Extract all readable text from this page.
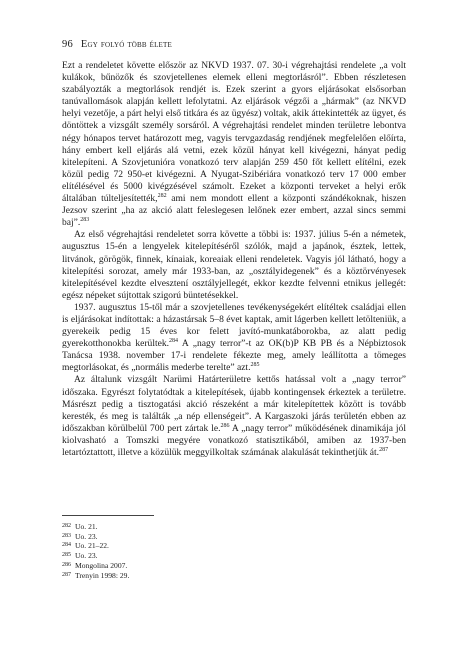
96 Egy folyó több élete

Ezt a rendeletet követte először az NKVD 1937. 07. 30-i végrehajtási rendelete „a volt kulákok, bűnözők és szovjetellenes elemek elleni megtorlásról”. Ebben részletesen szabályozták a megtorlások rendjét is. Ezek szerint a gyors eljárásokat elsősorban tanúvallomások alapján kellett lefolytatni. Az eljárások végzői a „hármak” (az NKVD helyi vezetője, a párt helyi első titkára és az ügyész) voltak, akik áttekintették az ügyet, és döntöttek a vizsgált személy sorsáról. A végrehajtási rendelet minden területre lebontva négy hónapos tervet határozott meg, vagyis tervgazdaság rendjének megfelelően előírta, hány embert kell eljárás alá vetni, ezek közül hányat kell kivégezni, hányat pedig kitelepíteni. A Szovjetunióra vonatkozó terv alapján 259 450 főt kellett elítélni, ezek közül pedig 72 950-et kivégezni. A Nyugat-Szibériára vonatkozó terv 17 000 ember elítélésével és 5000 kivégzésével számolt. Ezeket a központi terveket a helyi erők általában túlteljesítették,$^{282}$ ami nem mondott ellent a központi szándékoknak, hiszen Jezsov szerint „ha az akció alatt feleslegesen lelőnek ezer embert, azzal sincs semmi baj”.$^{283}$

Az első végrehajtási rendeletet sorra követte a többi is: 1937. július 5-én a németek, augusztus 15-én a lengyelek kitelepítéséről szólók, majd a japánok, észtek, lettek, litvánok, görögök, finnek, kínaiak, koreaiak elleni rendeletek. Vagyis jól látható, hogy a kitelepítési sorozat, amely már 1933-ban, az „osztályidegenek” és a köztörvényesek kitelepítésével kezdte elvesztení osztályjellegét, ekkor kezdte felvenni etnikus jellegét: egész népeket sújtottak szigorú büntetésekkel.

1937. augusztus 15-től már a szovjetellenes tevékenységekért elítéltek családjai ellen is eljárásokat indítottak: a házastársak 5–8 évet kaptak, amit lágerben kellett letölteniük, a gyerekeik pedig 15 éves kor felett javító-munkatáborokba, az alatt pedig gyerekotthonokba kerültek.$^{284}$ A „nagy terror”-t az OK(b)P KB PB és a Népbiztosok Tanácsa 1938. november 17-i rendelete fékezte meg, amely leállította a tömeges megtorlásokat, és „normális mederbe terelte” azt.$^{285}$

Az általunk vizsgált Narümi Határterületre kettős hatással volt a „nagy terror” időszaka. Egyrészt folytatódtak a kitelepítések, újabb kontingensek érkeztek a területre. Másrészt pedig a tisztogatási akció részeként a már kitelepítettek között is tovább keresték, és meg is találták „a nép ellenségeit”. A Kargaszoki járás területén ebben az időszakban körülbelül 700 pert zártak le.$^{286}$ A „nagy terror” működésének dinamikája jól kiolvasható a Tomszki megyére vonatkozó statisztikából, amiben az 1937-ben letartóztattott, illetve a közülük meggyilkoltak számának alakulását tekinthetjük át.$^{287}$

282 Uo. 21.
283 Uo. 23.
284 Uo. 21–22.
285 Uo. 23.
286 Mongolina 2007.
287 Trenyin 1998: 29.
